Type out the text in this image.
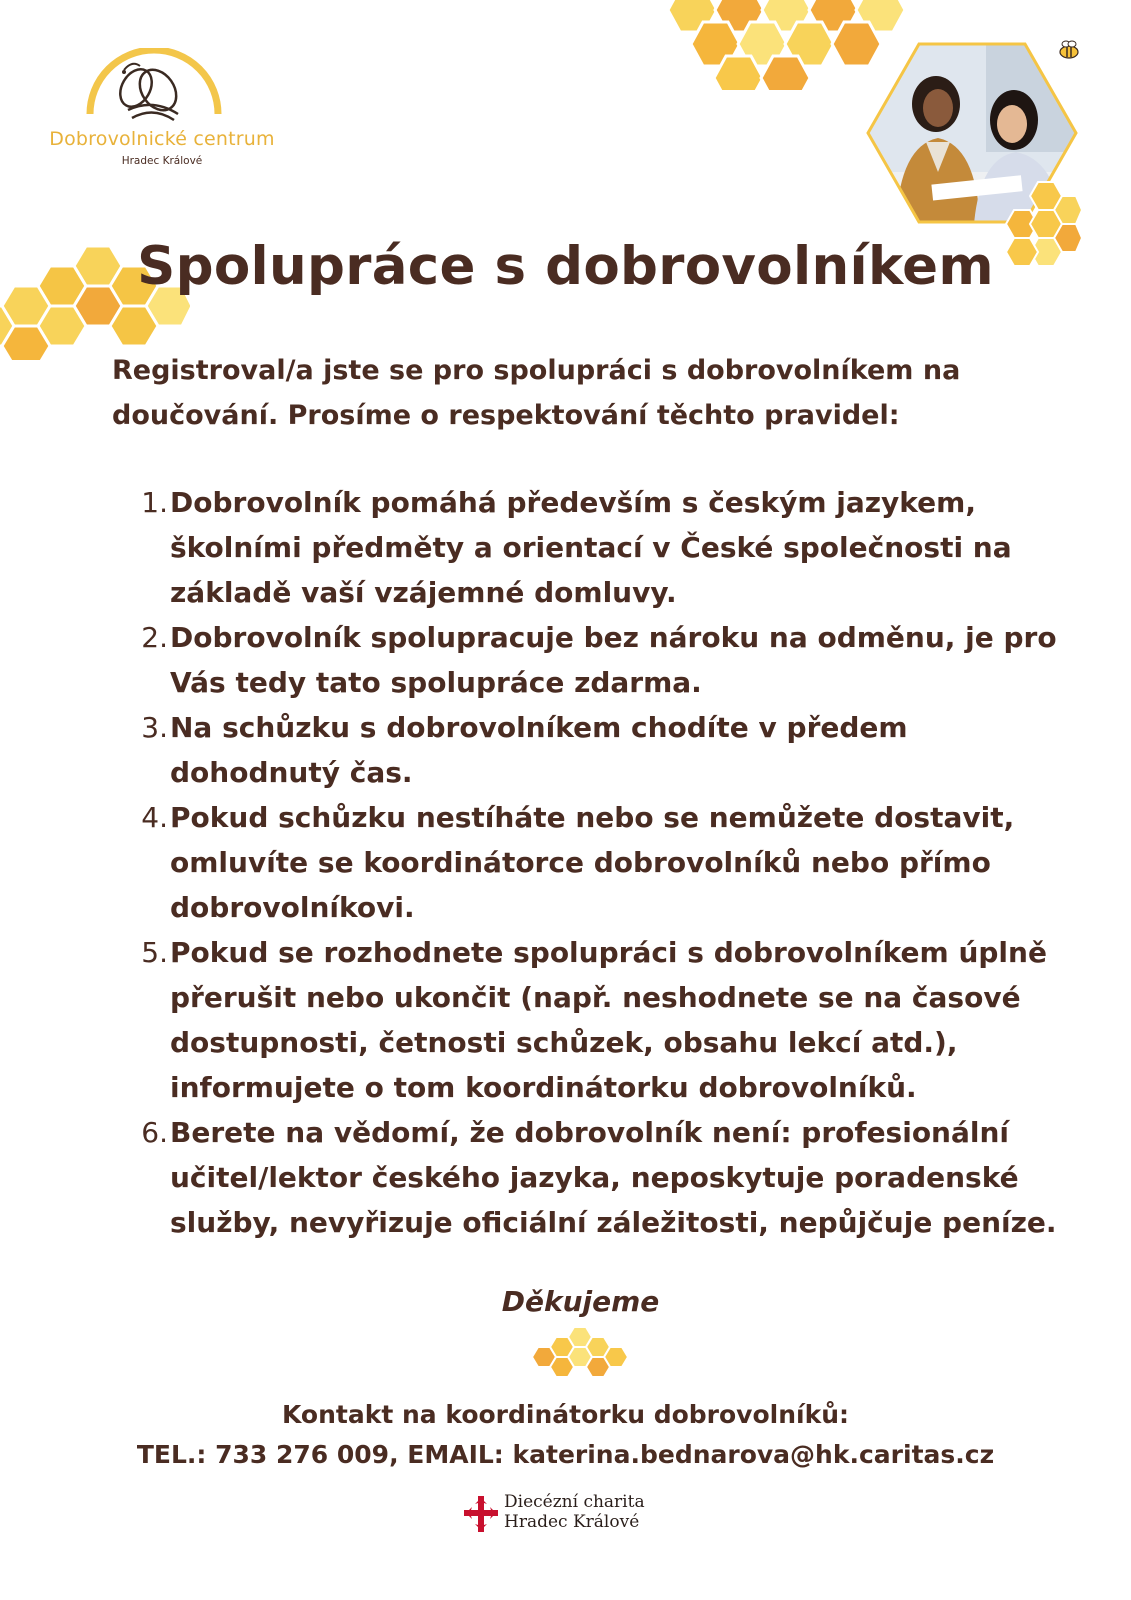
Dobrovolnické centrum
Hradec Králové
Spolupráce s dobrovolníkem
Registroval/a jste se pro spolupráci s dobrovolníkem na doučování. Prosíme o respektování těchto pravidel:
1. Dobrovolník pomáhá především s českým jazykem, školními předměty a orientací v České společnosti na základě vaší vzájemné domluvy.
2. Dobrovolník spolupracuje bez nároku na odměnu, je pro Vás tedy tato spolupráce zdarma.
3. Na schůzku s dobrovolníkem chodíte v předem dohodnutý čas.
4. Pokud schůzku nestíháte nebo se nemůžete dostavit, omluvíte se koordinátorce dobrovolníků nebo přímo dobrovolníkovi.
5. Pokud se rozhodnete spolupráci s dobrovolníkem úplně přerušit nebo ukončit (např. neshodnete se na časové dostupnosti, četnosti schůzek, obsahu lekcí atd.), informujete o tom koordinátorku dobrovolníků.
6. Berete na vědomí, že dobrovolník není: profesionální učitel/lektor českého jazyka, neposkytuje poradenské služby, nevyřizuje oficiální záležitosti, nepůjčuje peníze.
Děkujeme
Kontakt na koordinátorku dobrovolníků:
TEL.: 733 276 009, EMAIL: katerina.bednarova@hk.caritas.cz
Diecézní charita
Hradec Králové
